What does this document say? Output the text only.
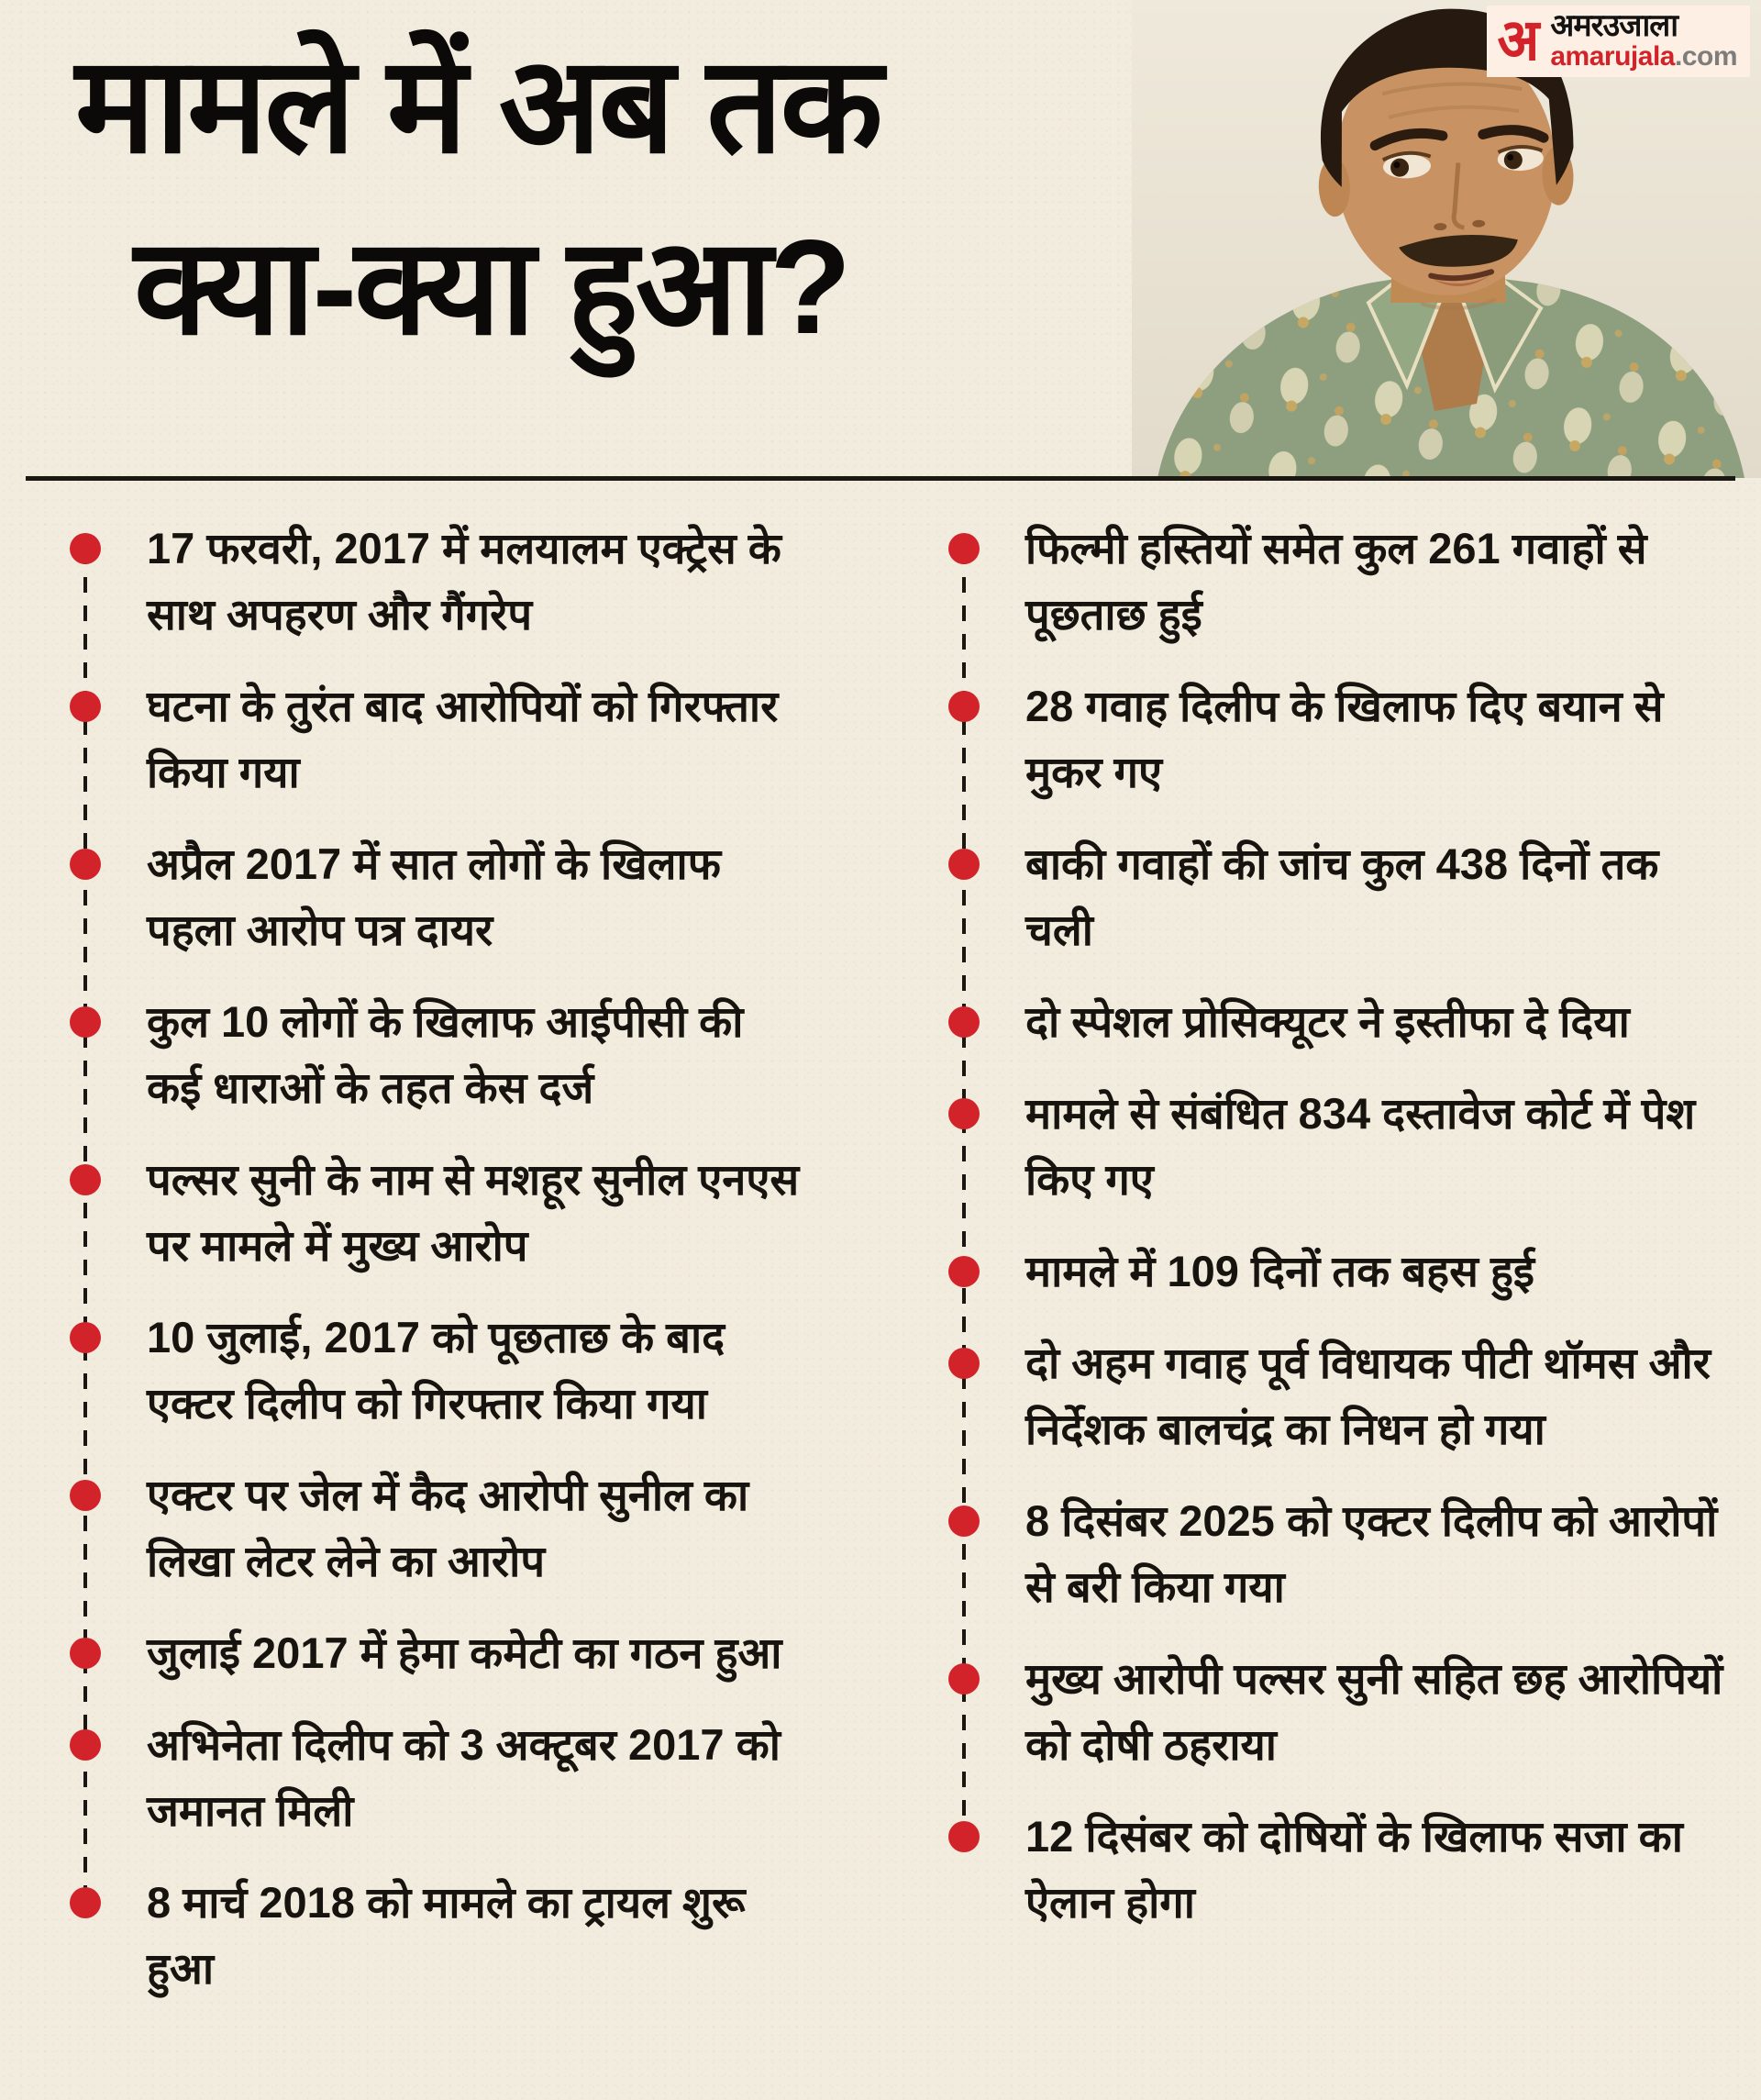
मामले में अब तक
क्या-क्या हुआ?
अ अमरउजाला
amarujala.com
17 फरवरी, 2017 में मलयालम एक्ट्रेस के साथ अपहरण और गैंगरेप
घटना के तुरंत बाद आरोपियों को गिरफ्तार किया गया
अप्रैल 2017 में सात लोगों के खिलाफ पहला आरोप पत्र दायर
कुल 10 लोगों के खिलाफ आईपीसी की कई धाराओं के तहत केस दर्ज
पल्सर सुनी के नाम से मशहूर सुनील एनएस पर मामले में मुख्य आरोप
10 जुलाई, 2017 को पूछताछ के बाद एक्टर दिलीप को गिरफ्तार किया गया
एक्टर पर जेल में कैद आरोपी सुनील का लिखा लेटर लेने का आरोप
जुलाई 2017 में हेमा कमेटी का गठन हुआ
अभिनेता दिलीप को 3 अक्टूबर 2017 को जमानत मिली
8 मार्च 2018 को मामले का ट्रायल शुरू हुआ
फिल्मी हस्तियों समेत कुल 261 गवाहों से पूछताछ हुई
28 गवाह दिलीप के खिलाफ दिए बयान से मुकर गए
बाकी गवाहों की जांच कुल 438 दिनों तक चली
दो स्पेशल प्रोसिक्यूटर ने इस्तीफा दे दिया
मामले से संबंधित 834 दस्तावेज कोर्ट में पेश किए गए
मामले में 109 दिनों तक बहस हुई
दो अहम गवाह पूर्व विधायक पीटी थॉमस और निर्देशक बालचंद्र का निधन हो गया
8 दिसंबर 2025 को एक्टर दिलीप को आरोपों से बरी किया गया
मुख्य आरोपी पल्सर सुनी सहित छह आरोपियों को दोषी ठहराया
12 दिसंबर को दोषियों के खिलाफ सजा का ऐलान होगा
